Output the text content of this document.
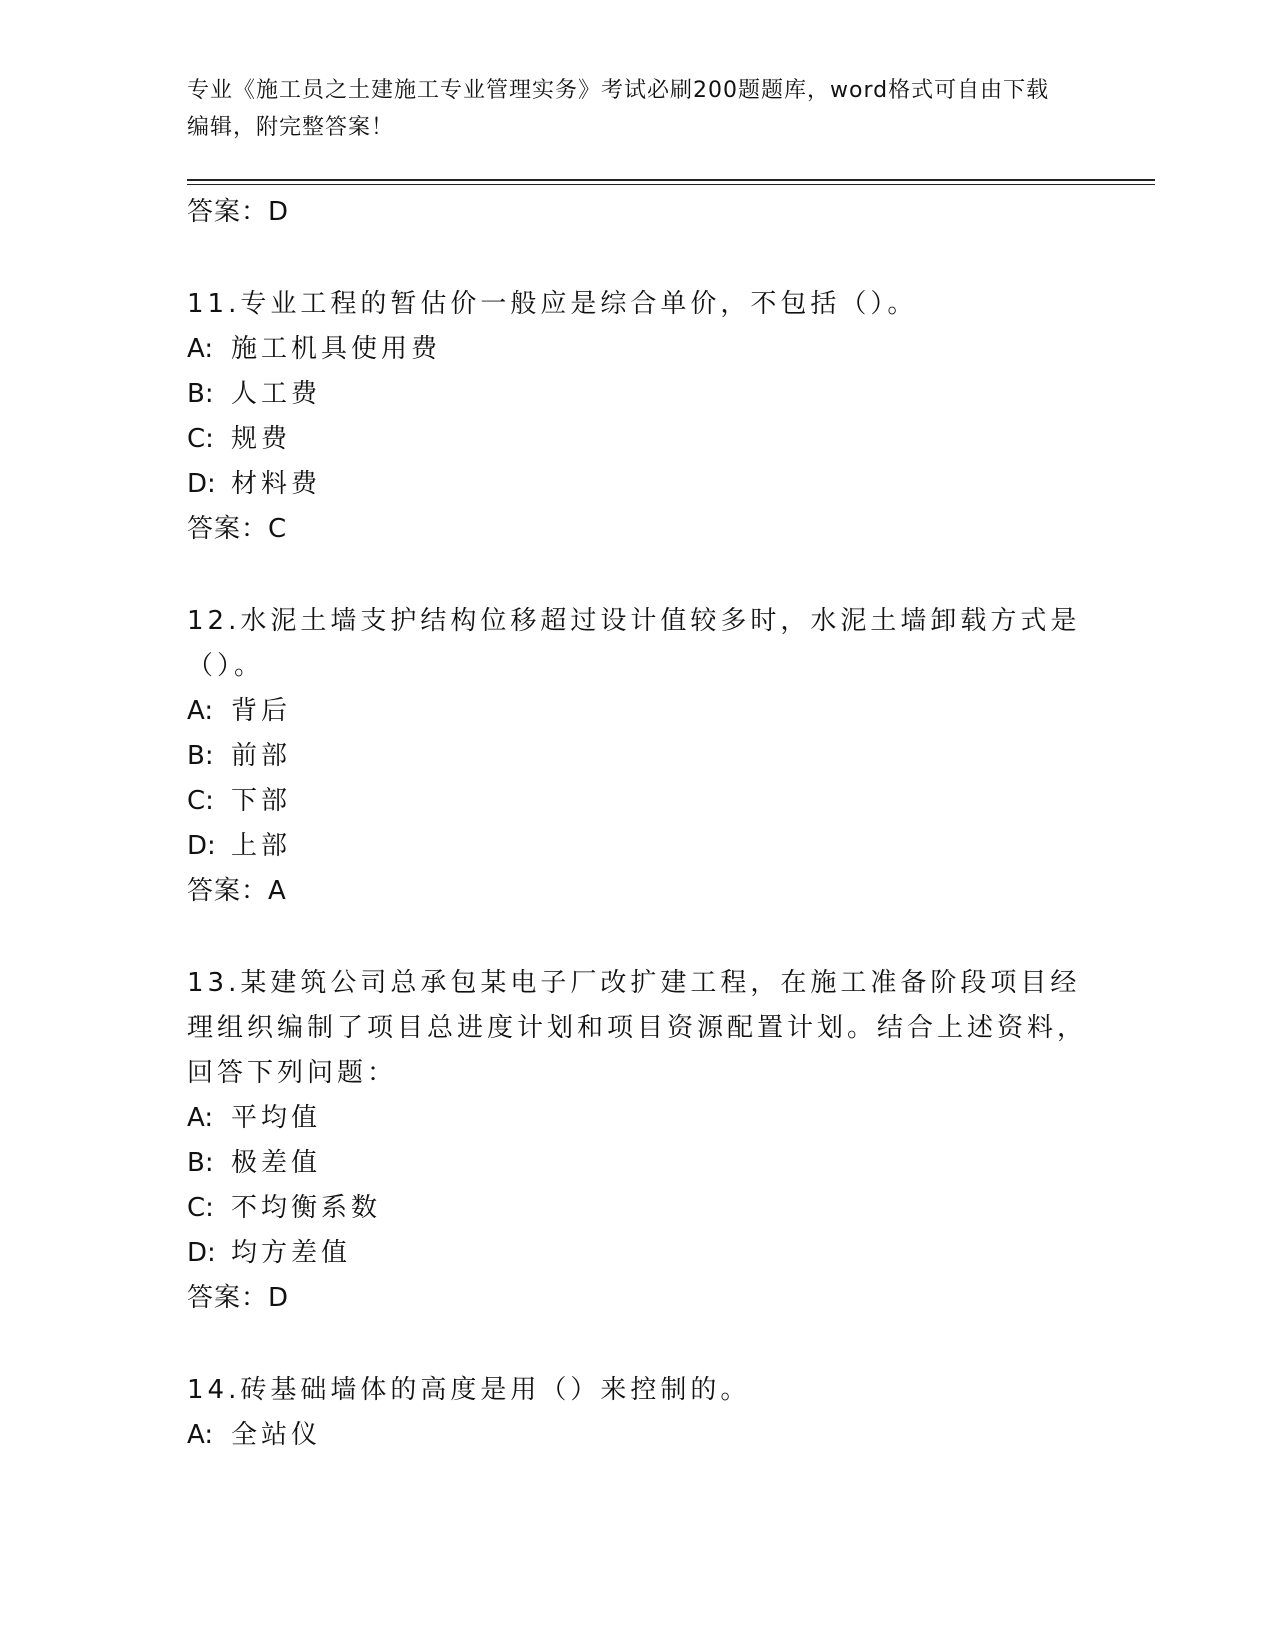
专业《施工员之土建施工专业管理实务》考试必刷200题题库，word格式可自由下载编辑，附完整答案！
答案：D
11.专业工程的暂估价一般应是综合单价，不包括（）。
A: 施工机具使用费
B: 人工费
C: 规费
D: 材料费
答案：C
12.水泥土墙支护结构位移超过设计值较多时，水泥土墙卸载方式是（）。
A: 背后
B: 前部
C: 下部
D: 上部
答案：A
13.某建筑公司总承包某电子厂改扩建工程，在施工准备阶段项目经理组织编制了项目总进度计划和项目资源配置计划。结合上述资料，回答下列问题：
A: 平均值
B: 极差值
C: 不均衡系数
D: 均方差值
答案：D
14.砖基础墙体的高度是用（）来控制的。
A: 全站仪
